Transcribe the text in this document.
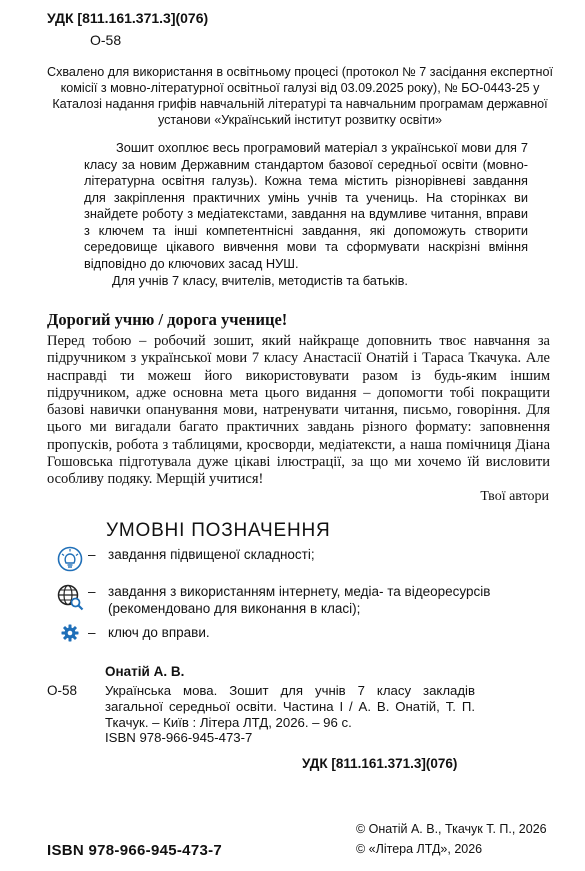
УДК [811.161.371.3](076)
О-58
Схвалено для використання в освітньому процесі (протокол № 7 засідання експертної комісії з мовно-літературної освітньої галузі від 03.09.2025 року), № БО-0443-25 у Каталозі надання грифів навчальній літературі та навчальним програмам державної установи «Український інститут розвитку освіти»
Зошит охоплює весь програмовий матеріал з української мови для 7 класу за новим Державним стандартом базової середньої освіти (мовно-літературна освітня галузь). Кожна тема містить різнорівневі завдання для закріплення практичних умінь учнів та учениць. На сторінках ви знайдете роботу з медіатекстами, завдання на вдумливе читання, вправи з ключем та інші компетентнісні завдання, які допоможуть створити середовище цікавого вивчення мови та сформувати наскрізні вміння відповідно до ключових засад НУШ.
Для учнів 7 класу, вчителів, методистів та батьків.
Дорогий учню / дорога ученице!
Перед тобою – робочий зошит, який найкраще доповнить твоє навчання за підручником з української мови 7 класу Анастасії Онатій і Тараса Ткачука. Але насправді ти можеш його використовувати разом із будь-яким іншим підручником, адже основна мета цього видання – допомогти тобі покращити базові навички опанування мови, натренувати читання, письмо, говоріння. Для цього ми вигадали багато практичних завдань різного формату: заповнення пропусків, робота з таблицями, кросворди, медіатексти, а наша помічниця Діана Гошовська підготувала дуже цікаві ілюстрації, за що ми хочемо їй висловити особливу подяку. Мерщій учитися!
Твої автори
УМОВНІ ПОЗНАЧЕННЯ
– завдання підвищеної складності;
– завдання з використанням інтернету, медіа- та відеоресурсів (рекомендовано для виконання в класі);
– ключ до вправи.
Онатій А. В.
О-58 Українська мова. Зошит для учнів 7 класу закладів загальної середньої освіти. Частина І / А. В. Онатій, Т. П. Ткачук. – Київ : Літера ЛТД, 2026. – 96 с.
ISBN 978-966-945-473-7
УДК [811.161.371.3](076)
ISBN 978-966-945-473-7
© Онатій А. В., Ткачук Т. П., 2026
© «Літера ЛТД», 2026
